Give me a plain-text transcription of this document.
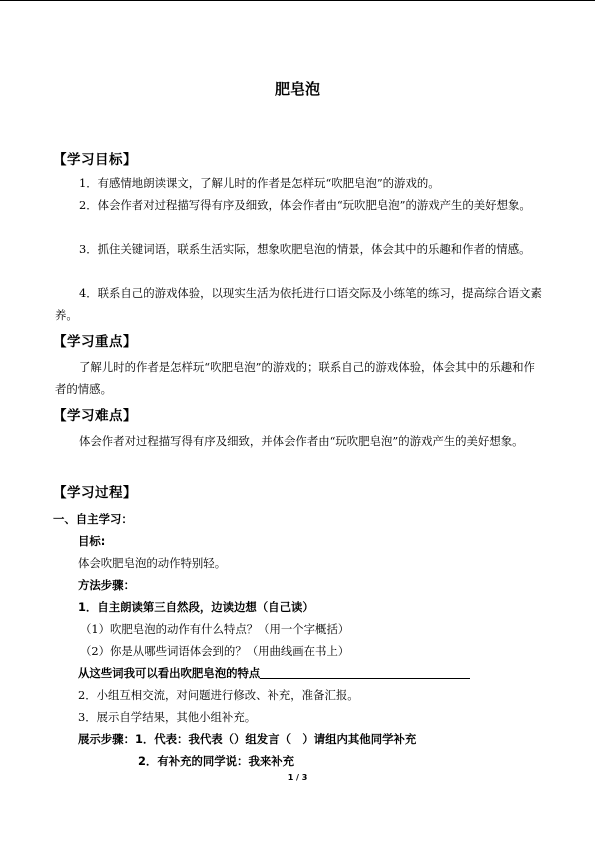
肥皂泡
【学习目标】
1．有感情地朗读课文，了解儿时的作者是怎样玩“吹肥皂泡”的游戏的。
2．体会作者对过程描写得有序及细致，体会作者由“玩吹肥皂泡”的游戏产生的美好想象。
3．抓住关键词语，联系生活实际，想象吹肥皂泡的情景，体会其中的乐趣和作者的情感。
4．联系自己的游戏体验，以现实生活为依托进行口语交际及小练笔的练习，提高综合语文素养。
【学习重点】
了解儿时的作者是怎样玩“吹肥皂泡”的游戏的；联系自己的游戏体验，体会其中的乐趣和作者的情感。
【学习难点】
体会作者对过程描写得有序及细致，并体会作者由“玩吹肥皂泡”的游戏产生的美好想象。
【学习过程】
一、自主学习：
目标:
体会吹肥皂泡的动作特别轻。
方法步骤：
1．自主朗读第三自然段，边读边想（自己读）
（1）吹肥皂泡的动作有什么特点？（用一个字概括）
（2）你是从哪些词语体会到的？（用曲线画在书上）
从这些词我可以看出吹肥皂泡的特点
2．小组互相交流，对问题进行修改、补充，准备汇报。
3．展示自学结果，其他小组补充。
展示步骤：1．代表：我代表（）组发言（　）请组内其他同学补充
2．有补充的同学说：我来补充
1 / 3
